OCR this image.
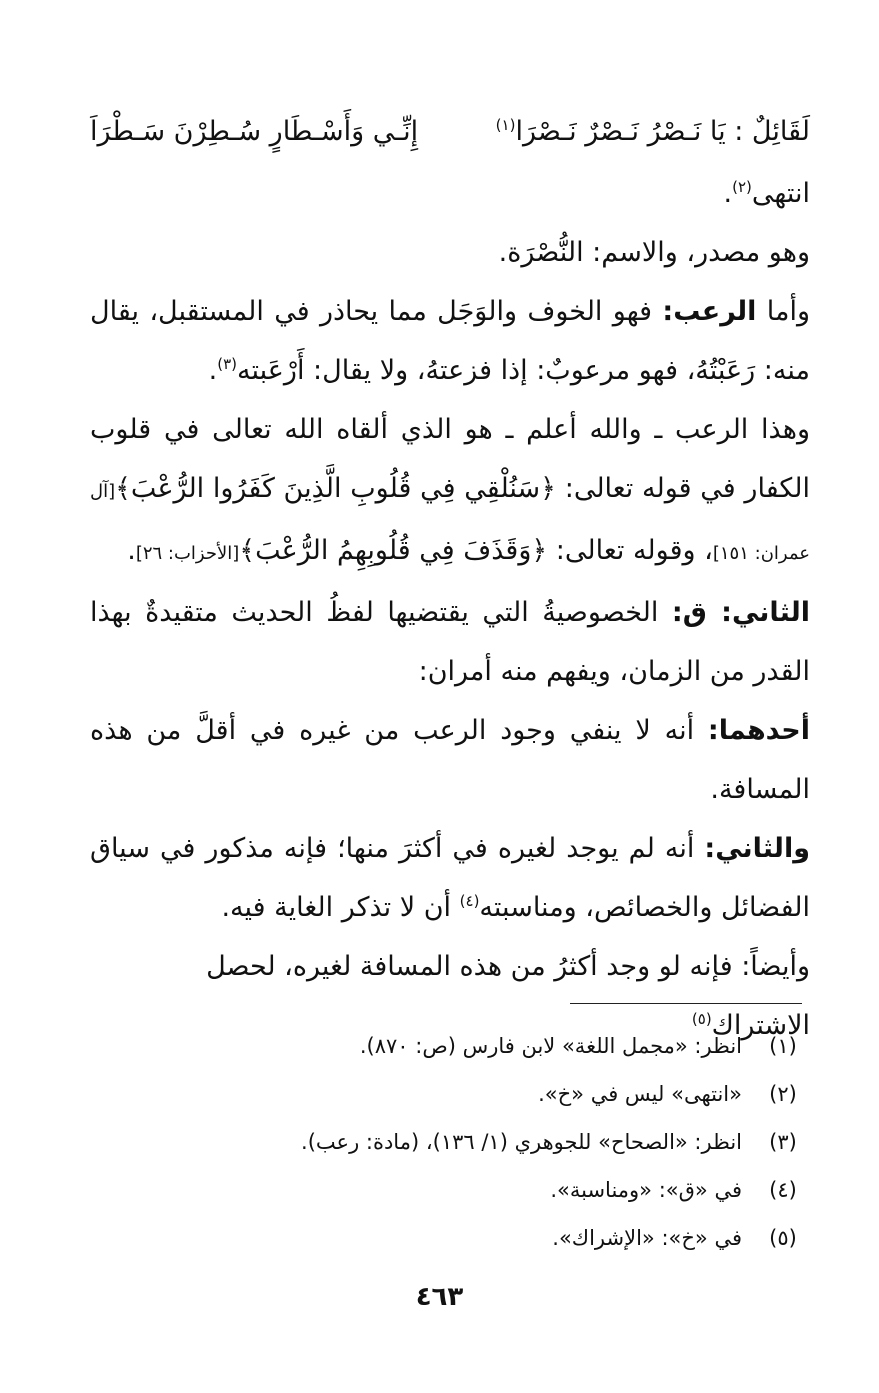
لَقَائِلٌ : يَا نَـصْرُ نَـصْرٌ نَـصْرَا$^{(١)}$
إِنِّـي وَأَسْـطَارٍ سُـطِرْنَ سَـطْرَاَ

انتهى$^{(٢)}$.

وهو مصدر، والاسم: النُّصْرَة.

وأما الرعب: فهو الخوف والوَجَل مما يحاذر في المستقبل، يقال منه: رَعَبْتُهُ، فهو مرعوبٌ: إذا فزعتهُ، ولا يقال: أَرْعَبته$^{(٣)}$.

وهذا الرعب ـ والله أعلم ـ هو الذي ألقاه الله تعالى في قلوب الكفار في قوله تعالى: ﴿سَنُلْقِي فِي قُلُوبِ الَّذِينَ كَفَرُوا الرُّعْبَ﴾[آل عمران: ١٥١]، وقوله تعالى: ﴿وَقَذَفَ فِي قُلُوبِهِمُ الرُّعْبَ﴾[الأحزاب: ٢٦].

الثاني: ق: الخصوصيةُ التي يقتضيها لفظُ الحديث متقيدةٌ بهذا القدر من الزمان، ويفهم منه أمران:

أحدهما: أنه لا ينفي وجود الرعب من غيره في أقلَّ من هذه المسافة.

والثاني: أنه لم يوجد لغيره في أكثرَ منها؛ فإنه مذكور في سياق الفضائل والخصائص، ومناسبته$^{(٤)}$ أن لا تذكر الغاية فيه.

وأيضاً: فإنه لو وجد أكثرُ من هذه المسافة لغيره، لحصل الاشتراك$^{(٥)}$

(١)
انظر: «مجمل اللغة» لابن فارس (ص: ٨٧٠).
(٢)
«انتهى» ليس في «خ».
(٣)
انظر: «الصحاح» للجوهري (١/ ١٣٦)، (مادة: رعب).
(٤)
في «ق»: «ومناسبة».
(٥)
في «خ»: «الإشراك».
٤٦٣
